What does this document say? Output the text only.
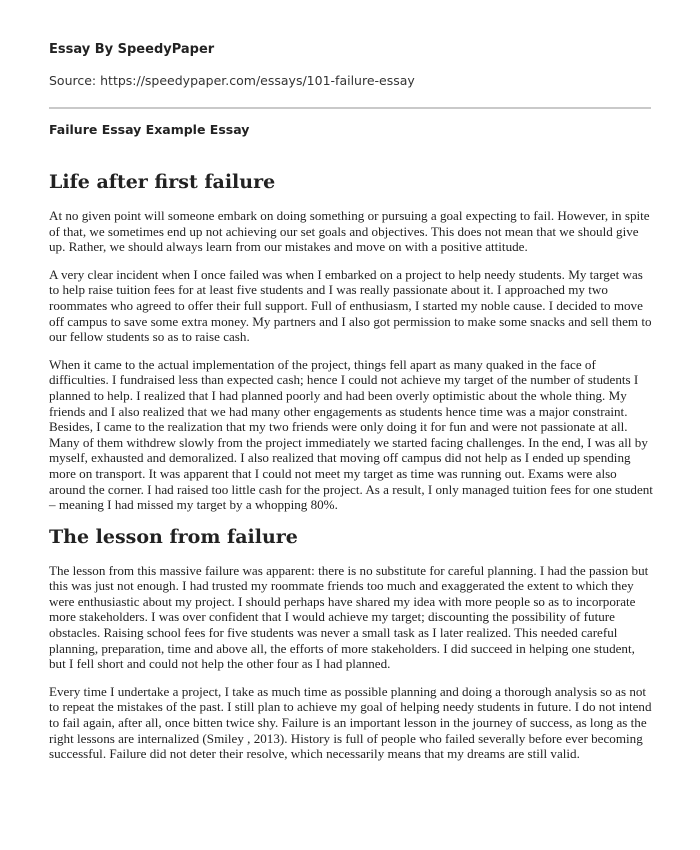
Essay By SpeedyPaper
Source: https://speedypaper.com/essays/101-failure-essay
Failure Essay Example Essay
Life after first failure

At no given point will someone embark on doing something or pursuing a goal expecting to fail. However, in spite of that, we sometimes end up not achieving our set goals and objectives. This does not mean that we should give up. Rather, we should always learn from our mistakes and move on with a positive attitude.

A very clear incident when I once failed was when I embarked on a project to help needy students. My target was to help raise tuition fees for at least five students and I was really passionate about it. I approached my two roommates who agreed to offer their full support. Full of enthusiasm, I started my noble cause. I decided to move off campus to save some extra money. My partners and I also got permission to make some snacks and sell them to our fellow students so as to raise cash.

When it came to the actual implementation of the project, things fell apart as many quaked in the face of difficulties. I fundraised less than expected cash; hence I could not achieve my target of the number of students I planned to help. I realized that I had planned poorly and had been overly optimistic about the whole thing. My friends and I also realized that we had many other engagements as students hence time was a major constraint. Besides, I came to the realization that my two friends were only doing it for fun and were not passionate at all. Many of them withdrew slowly from the project immediately we started facing challenges. In the end, I was all by myself, exhausted and demoralized. I also realized that moving off campus did not help as I ended up spending more on transport. It was apparent that I could not meet my target as time was running out. Exams were also around the corner. I had raised too little cash for the project. As a result, I only managed tuition fees for one student – meaning I had missed my target by a whopping 80%.

The lesson from failure

The lesson from this massive failure was apparent: there is no substitute for careful planning. I had the passion but this was just not enough. I had trusted my roommate friends too much and exaggerated the extent to which they were enthusiastic about my project. I should perhaps have shared my idea with more people so as to incorporate more stakeholders. I was over confident that I would achieve my target; discounting the possibility of future obstacles. Raising school fees for five students was never a small task as I later realized. This needed careful planning, preparation, time and above all, the efforts of more stakeholders. I did succeed in helping one student, but I fell short and could not help the other four as I had planned.

Every time I undertake a project, I take as much time as possible planning and doing a thorough analysis so as not to repeat the mistakes of the past. I still plan to achieve my goal of helping needy students in future. I do not intend to fail again, after all, once bitten twice shy. Failure is an important lesson in the journey of success, as long as the right lessons are internalized (Smiley , 2013). History is full of people who failed severally before ever becoming successful. Failure did not deter their resolve, which necessarily means that my dreams are still valid.
